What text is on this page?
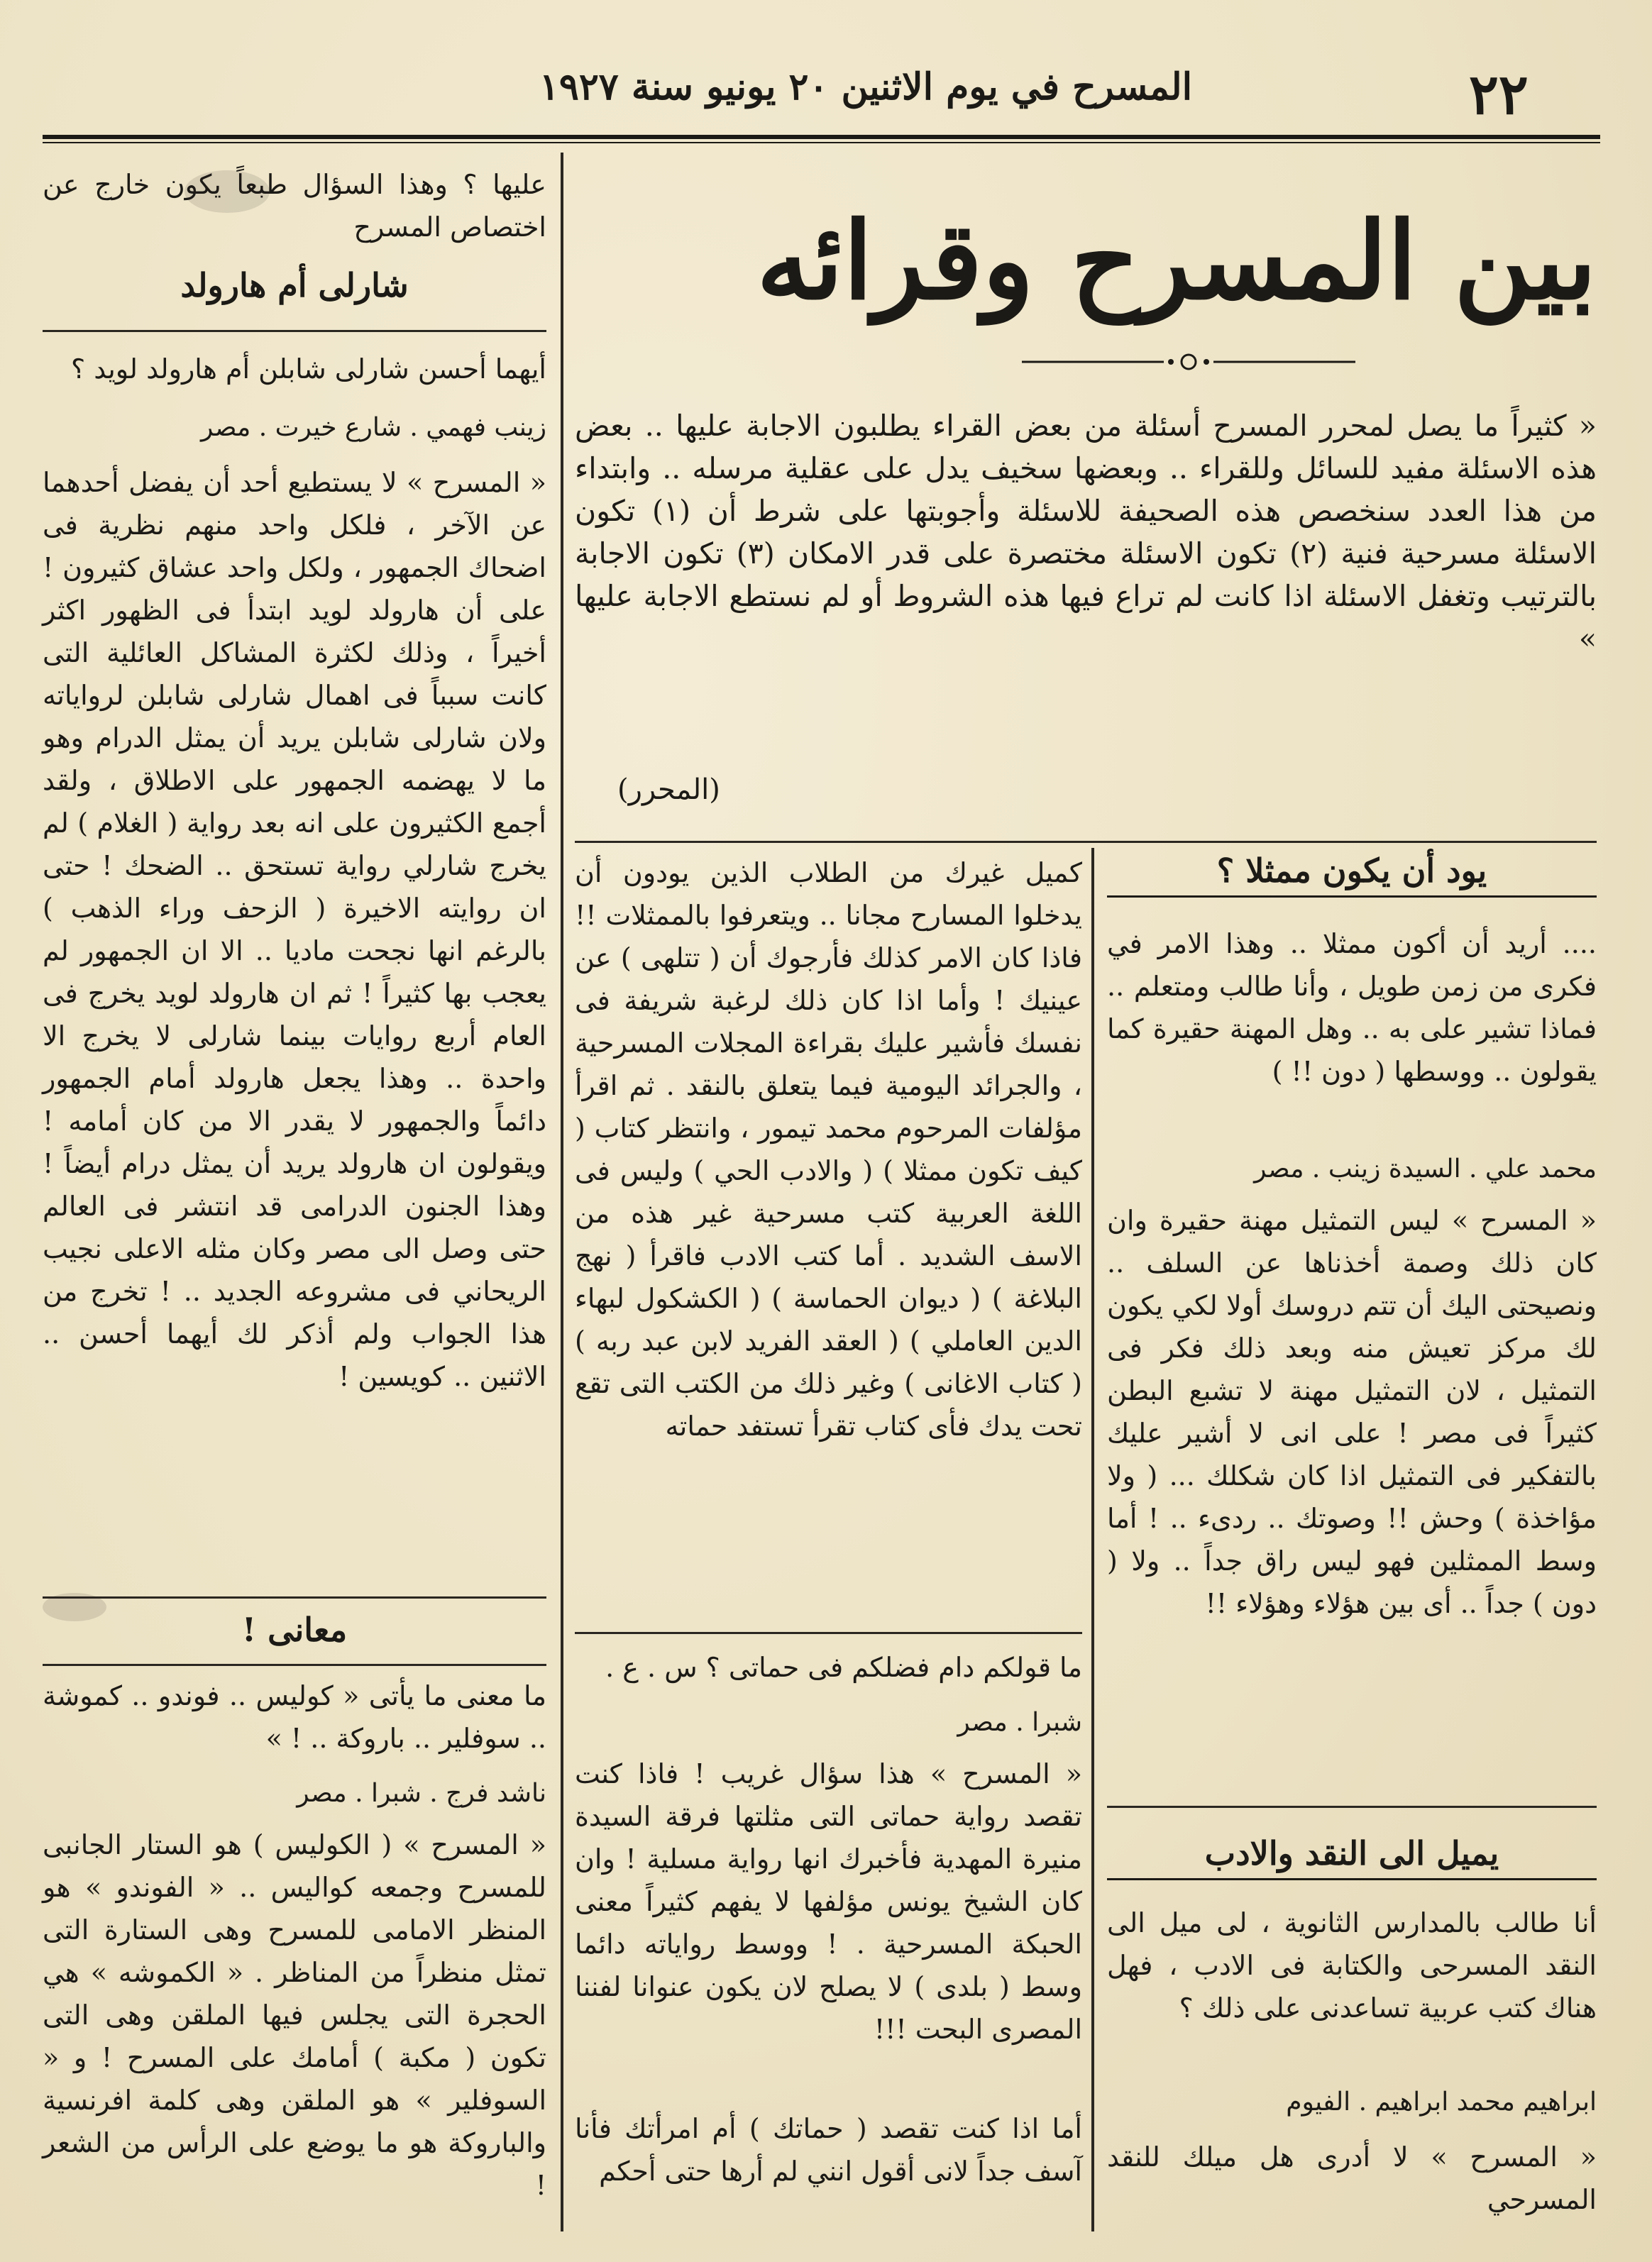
٢٢
المسرح في يوم الاثنين ٢٠ يونيو سنة ١٩٢٧
بين المسرح وقرائه
« كثيراً ما يصل لمحرر المسرح أسئلة من بعض القراء يطلبون الاجابة عليها .. بعض هذه الاسئلة مفيد للسائل وللقراء .. وبعضها سخيف يدل على عقلية مرسله .. وابتداء من هذا العدد سنخصص هذه الصحيفة للاسئلة وأجوبتها على شرط أن (١) تكون الاسئلة مسرحية فنية (٢) تكون الاسئلة مختصرة على قدر الامكان (٣) تكون الاجابة بالترتيب وتغفل الاسئلة اذا كانت لم تراع فيها هذه الشروط أو لم نستطع الاجابة عليها »
(المحرر)
يود أن يكون ممثلا ؟
.... أريد أن أكون ممثلا .. وهذا الامر في فكرى من زمن طويل ، وأنا طالب ومتعلم .. فماذا تشير على به .. وهل المهنة حقيرة كما يقولون .. ووسطها ( دون !! )
محمد علي . السيدة زينب . مصر
« المسرح » ليس التمثيل مهنة حقيرة وان كان ذلك وصمة أخذناها عن السلف .. ونصيحتى اليك أن تتم دروسك أولا لكي يكون لك مركز تعيش منه وبعد ذلك فكر فى التمثيل ، لان التمثيل مهنة لا تشبع البطن كثيراً فى مصر ! على انى لا أشير عليك بالتفكير فى التمثيل اذا كان شكلك ... ( ولا مؤاخذة ) وحش !! وصوتك .. ردىء .. ! أما وسط الممثلين فهو ليس راق جداً .. ولا ( دون ) جداً .. أى بين هؤلاء وهؤلاء !!
يميل الى النقد والادب
أنا طالب بالمدارس الثانوية ، لى ميل الى النقد المسرحى والكتابة فى الادب ، فهل هناك كتب عربية تساعدنى على ذلك ؟
ابراهيم محمد ابراهيم . الفيوم
« المسرح » لا أدرى هل ميلك للنقد المسرحي
كميل غيرك من الطلاب الذين يودون أن يدخلوا المسارح مجانا .. ويتعرفوا بالممثلات !! فاذا كان الامر كذلك فأرجوك أن ( تتلهى ) عن عينيك ! وأما اذا كان ذلك لرغبة شريفة فى نفسك فأشير عليك بقراءة المجلات المسرحية ، والجرائد اليومية فيما يتعلق بالنقد . ثم اقرأ مؤلفات المرحوم محمد تيمور ، وانتظر كتاب ( كيف تكون ممثلا ) ( والادب الحي ) وليس فى اللغة العربية كتب مسرحية غير هذه من الاسف الشديد . أما كتب الادب فاقرأ ( نهج البلاغة ) ( ديوان الحماسة ) ( الكشكول لبهاء الدين العاملي ) ( العقد الفريد لابن عبد ربه ) ( كتاب الاغانى ) وغير ذلك من الكتب التى تقع تحت يدك فأى كتاب تقرأ تستفد حماته
ما قولكم دام فضلكم فى حماتى ؟ س . ع .
شبرا . مصر
« المسرح » هذا سؤال غريب ! فاذا كنت تقصد رواية حماتى التى مثلتها فرقة السيدة منيرة المهدية فأخبرك انها رواية مسلية ! وان كان الشيخ يونس مؤلفها لا يفهم كثيراً معنى الحبكة المسرحية . ! ووسط رواياته دائما وسط ( بلدى ) لا يصلح لان يكون عنوانا لفننا المصرى البحت !!!
أما اذا كنت تقصد ( حماتك ) أم امرأتك فأنا آسف جداً لانى أقول انني لم أرها حتى أحكم
عليها ؟ وهذا السؤال طبعاً يكون خارج عن اختصاص المسرح
شارلى أم هارولد
أيهما أحسن شارلى شابلن أم هارولد لويد ؟
زينب فهمي . شارع خيرت . مصر
« المسرح » لا يستطيع أحد أن يفضل أحدهما عن الآخر ، فلكل واحد منهم نظرية فى اضحاك الجمهور ، ولكل واحد عشاق كثيرون ! على أن هارولد لويد ابتدأ فى الظهور اكثر أخيراً ، وذلك لكثرة المشاكل العائلية التى كانت سبباً فى اهمال شارلى شابلن لرواياته ولان شارلى شابلن يريد أن يمثل الدرام وهو ما لا يهضمه الجمهور على الاطلاق ، ولقد أجمع الكثيرون على انه بعد رواية ( الغلام ) لم يخرج شارلي رواية تستحق .. الضحك ! حتى ان روايته الاخيرة ( الزحف وراء الذهب ) بالرغم انها نجحت ماديا .. الا ان الجمهور لم يعجب بها كثيراً ! ثم ان هارولد لويد يخرج فى العام أربع روايات بينما شارلى لا يخرج الا واحدة .. وهذا يجعل هارولد أمام الجمهور دائماً والجمهور لا يقدر الا من كان أمامه ! ويقولون ان هارولد يريد أن يمثل درام أيضاً ! وهذا الجنون الدرامى قد انتشر فى العالم حتى وصل الى مصر وكان مثله الاعلى نجيب الريحاني فى مشروعه الجديد .. ! تخرج من هذا الجواب ولم أذكر لك أيهما أحسن .. الاثنين .. كويسين !
معانى !
ما معنى ما يأتى « كوليس .. فوندو .. كموشة .. سوفلير .. باروكة .. ! »
ناشد فرج . شبرا . مصر
« المسرح » ( الكوليس ) هو الستار الجانبى للمسرح وجمعه كواليس .. « الفوندو » هو المنظر الامامى للمسرح وهى الستارة التى تمثل منظراً من المناظر . « الكموشه » هي الحجرة التى يجلس فيها الملقن وهى التى تكون ( مكبة ) أمامك على المسرح ! و « السوفلير » هو الملقن وهى كلمة افرنسية والباروكة هو ما يوضع على الرأس من الشعر !
